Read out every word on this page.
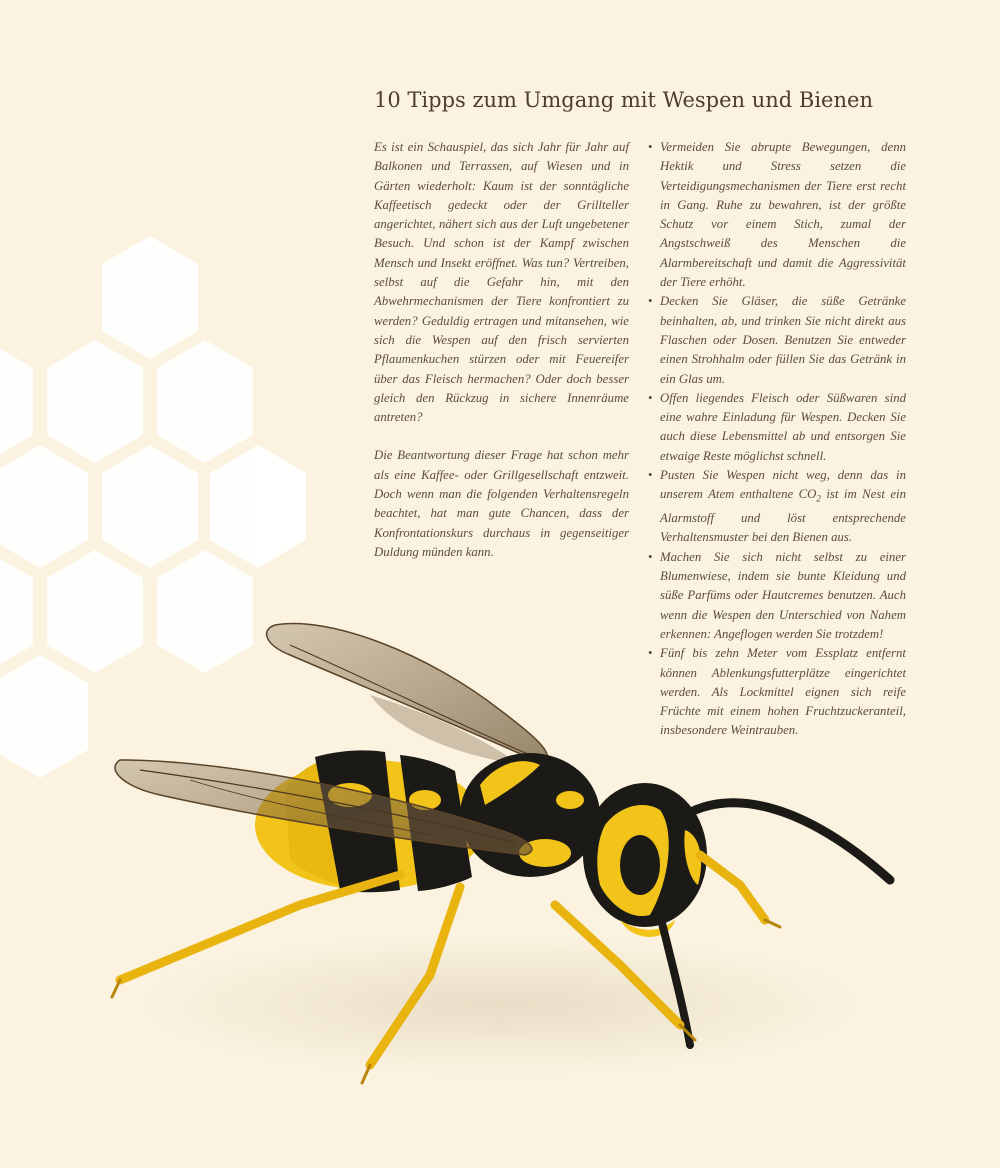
10 Tipps zum Umgang mit Wespen und Bienen

Es ist ein Schauspiel, das sich Jahr für Jahr auf Balkonen und Terrassen, auf Wiesen und in Gärten wiederholt: Kaum ist der sonntägliche Kaffeetisch gedeckt oder der Grillteller angerichtet, nähert sich aus der Luft ungebetener Besuch. Und schon ist der Kampf zwischen Mensch und Insekt eröffnet. Was tun? Vertreiben, selbst auf die Gefahr hin, mit den Abwehrmechanismen der Tiere konfrontiert zu werden? Geduldig ertragen und mitansehen, wie sich die Wespen auf den frisch servierten Pflaumenkuchen stürzen oder mit Feuereifer über das Fleisch hermachen? Oder doch besser gleich den Rückzug in sichere Innenräume antreten?

Die Beantwortung dieser Frage hat schon mehr als eine Kaffee- oder Grillgesellschaft entzweit. Doch wenn man die folgenden Verhaltensregeln beachtet, hat man gute Chancen, dass der Konfrontationskurs durchaus in gegenseitiger Duldung münden kann.

• Vermeiden Sie abrupte Bewegungen, denn Hektik und Stress setzen die Verteidigungsmechanismen der Tiere erst recht in Gang. Ruhe zu bewahren, ist der größte Schutz vor einem Stich, zumal der Angstschweiß des Menschen die Alarmbereitschaft und damit die Aggressivität der Tiere erhöht.
• Decken Sie Gläser, die süße Getränke beinhalten, ab, und trinken Sie nicht direkt aus Flaschen oder Dosen. Benutzen Sie entweder einen Strohhalm oder füllen Sie das Getränk in ein Glas um.
• Offen liegendes Fleisch oder Süßwaren sind eine wahre Einladung für Wespen. Decken Sie auch diese Lebensmittel ab und entsorgen Sie etwaige Reste möglichst schnell.
• Pusten Sie Wespen nicht weg, denn das in unserem Atem enthaltene $CO_2$ ist im Nest ein Alarmstoff und löst entsprechende Verhaltensmuster bei den Bienen aus.
• Machen Sie sich nicht selbst zu einer Blumenwiese, indem sie bunte Kleidung und süße Parfüms oder Hautcremes benutzen. Auch wenn die Wespen den Unterschied von Nahem erkennen: Angeflogen werden Sie trotzdem!
• Fünf bis zehn Meter vom Essplatz entfernt können Ablenkungsfutterplätze eingerichtet werden. Als Lockmittel eignen sich reife Früchte mit einem hohen Fruchtzuckeranteil, insbesondere Weintrauben.
